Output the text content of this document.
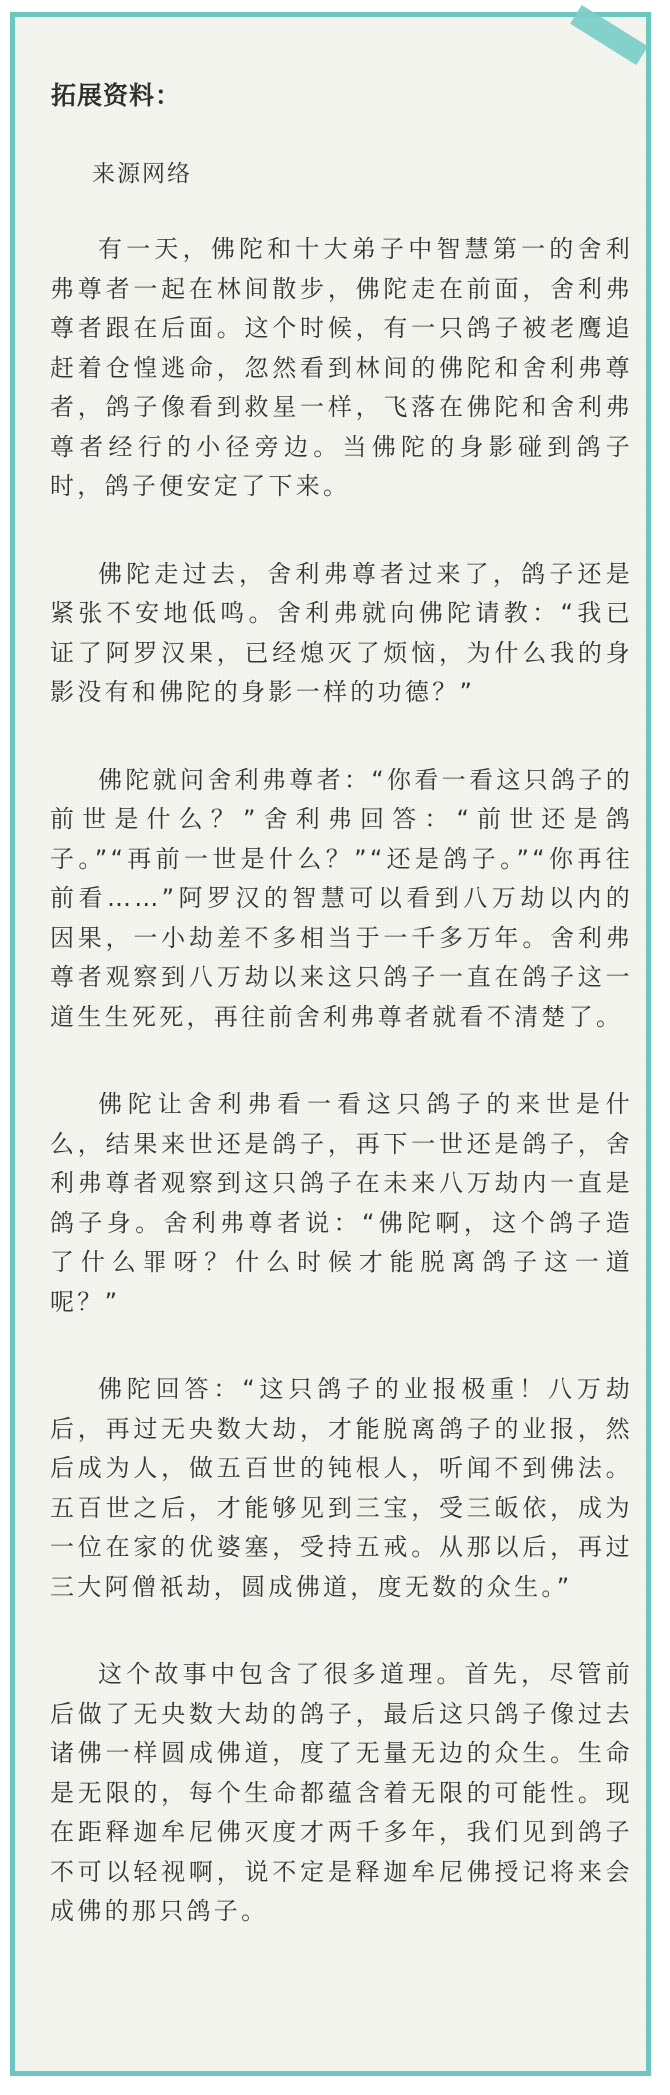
拓展资料：

来源网络

有一天，佛陀和十大弟子中智慧第一的舍利弗尊者一起在林间散步，佛陀走在前面，舍利弗尊者跟在后面。这个时候，有一只鸽子被老鹰追赶着仓惶逃命，忽然看到林间的佛陀和舍利弗尊者，鸽子像看到救星一样，飞落在佛陀和舍利弗尊者经行的小径旁边。当佛陀的身影碰到鸽子时，鸽子便安定了下来。

佛陀走过去，舍利弗尊者过来了，鸽子还是紧张不安地低鸣。舍利弗就向佛陀请教：“我已证了阿罗汉果，已经熄灭了烦恼，为什么我的身影没有和佛陀的身影一样的功德？”

佛陀就问舍利弗尊者：“你看一看这只鸽子的前世是什么？”舍利弗回答：“前世还是鸽子。”“再前一世是什么？”“还是鸽子。”“你再往前看……”阿罗汉的智慧可以看到八万劫以内的因果，一小劫差不多相当于一千多万年。舍利弗尊者观察到八万劫以来这只鸽子一直在鸽子这一道生生死死，再往前舍利弗尊者就看不清楚了。

佛陀让舍利弗看一看这只鸽子的来世是什么，结果来世还是鸽子，再下一世还是鸽子，舍利弗尊者观察到这只鸽子在未来八万劫内一直是鸽子身。舍利弗尊者说：“佛陀啊，这个鸽子造了什么罪呀？什么时候才能脱离鸽子这一道呢？”

佛陀回答：“这只鸽子的业报极重！八万劫后，再过无央数大劫，才能脱离鸽子的业报，然后成为人，做五百世的钝根人，听闻不到佛法。五百世之后，才能够见到三宝，受三皈依，成为一位在家的优婆塞，受持五戒。从那以后，再过三大阿僧祇劫，圆成佛道，度无数的众生。”

这个故事中包含了很多道理。首先，尽管前后做了无央数大劫的鸽子，最后这只鸽子像过去诸佛一样圆成佛道，度了无量无边的众生。生命是无限的，每个生命都蕴含着无限的可能性。现在距释迦牟尼佛灭度才两千多年，我们见到鸽子不可以轻视啊，说不定是释迦牟尼佛授记将来会成佛的那只鸽子。
